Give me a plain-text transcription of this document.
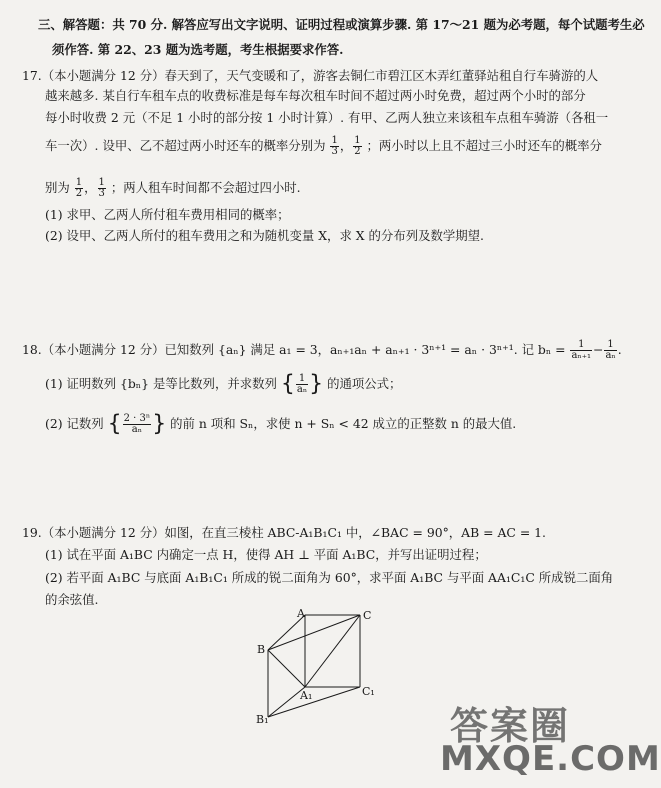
三、解答题：共 70 分. 解答应写出文字说明、证明过程或演算步骤. 第 17～21 题为必考题，每个试题考生必
须作答. 第 22、23 题为选考题，考生根据要求作答.
17.（本小题满分 12 分）春天到了，天气变暖和了，游客去铜仁市碧江区木弄红董驿站租自行车骑游的人
越来越多. 某自行车租车点的收费标准是每车每次租车时间不超过两小时免费，超过两个小时的部分
每小时收费 2 元（不足 1 小时的部分按 1 小时计算）. 有甲、乙两人独立来该租车点租车骑游（各租一
车一次）. 设甲、乙不超过两小时还车的概率分别为 $\frac{1}{3}$ ， $\frac{1}{2}$ ；两小时以上且不超过三小时还车的概率分
别为 $\frac{1}{2}$ ， $\frac{1}{3}$ ；两人租车时间都不会超过四小时.
(1) 求甲、乙两人所付租车费用相同的概率；
(2) 设甲、乙两人所付的租车费用之和为随机变量 X，求 X 的分布列及数学期望.
18.（本小题满分 12 分）已知数列 {aₙ} 满足 a₁ = 3，aₙ₊₁aₙ + aₙ₊₁ · 3ⁿ⁺¹ = aₙ · 3ⁿ⁺¹. 记 $b_n = \frac{1}{\text{aₙ₊₁}} - \frac{1}{\text{aₙ}}$ .
(1) 证明数列 {bₙ} 是等比数列，并求数列 { $\frac{1}{\text{aₙ}}$ } 的通项公式；
(2) 记数列 { $\frac{\text{2 · 3ⁿ}}{\text{aₙ}}$ } 的前 n 项和 Sₙ，求使 n + Sₙ < 42 成立的正整数 n 的最大值.
19.（本小题满分 12 分）如图，在直三棱柱 ABC-A₁B₁C₁ 中，∠BAC = 90°，AB = AC = 1.
(1) 试在平面 A₁BC 内确定一点 H，使得 AH ⊥ 平面 A₁BC，并写出证明过程；
(2) 若平面 A₁BC 与底面 A₁B₁C₁ 所成的锐二面角为 60°，求平面 A₁BC 与平面 AA₁C₁C 所成锐二面角
的余弦值.
A	C
B
A₁	C₁
B₁	答案圈
MXQE.COM
